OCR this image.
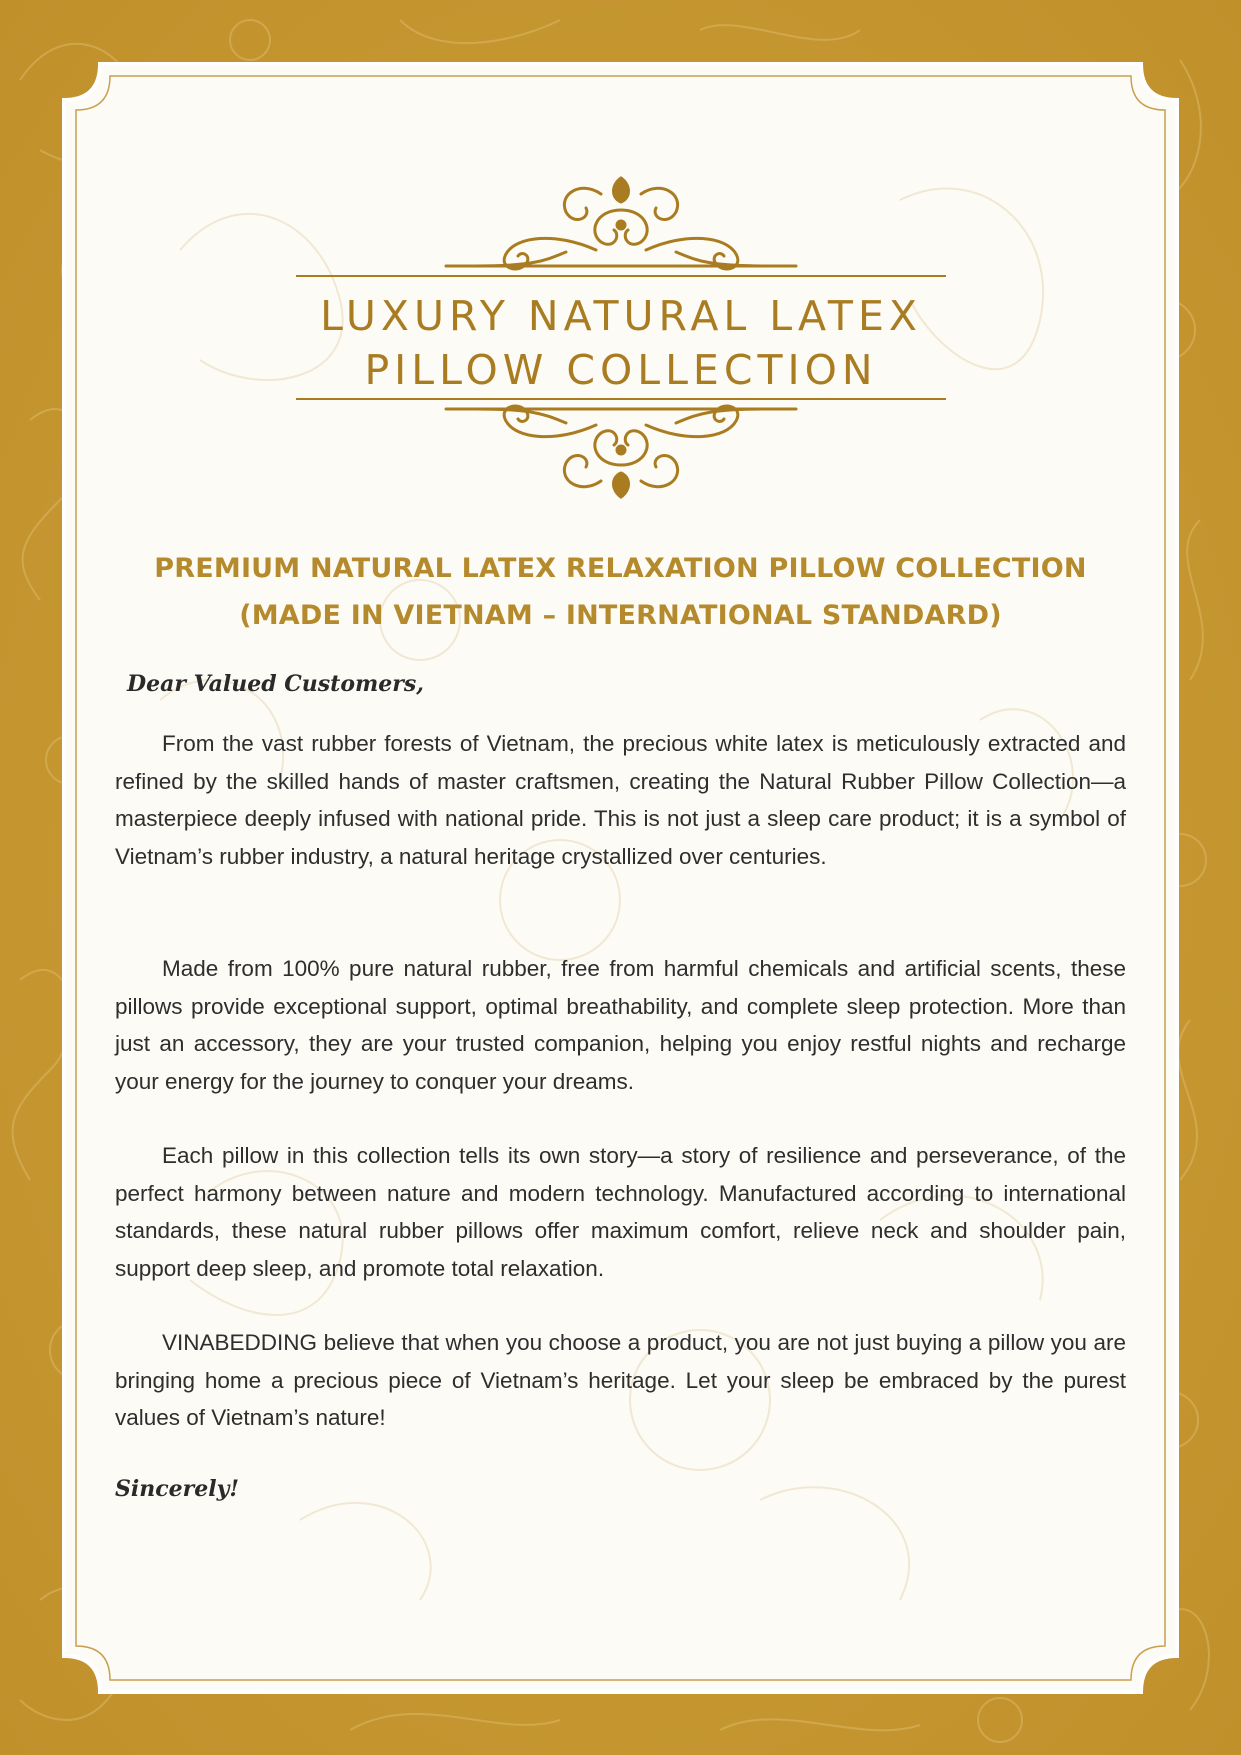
LUXURY NATURAL LATEX
PILLOW COLLECTION
PREMIUM NATURAL LATEX RELAXATION PILLOW COLLECTION
(MADE IN VIETNAM – INTERNATIONAL STANDARD)
Dear Valued Customers,

From the vast rubber forests of Vietnam, the precious white latex is meticulously extracted and refined by the skilled hands of master craftsmen, creating the Natural Rubber Pillow Collection—a masterpiece deeply infused with national pride. This is not just a sleep care product; it is a symbol of Vietnam’s rubber industry, a natural heritage crystallized over centuries.

Made from 100% pure natural rubber, free from harmful chemicals and artificial scents, these pillows provide exceptional support, optimal breathability, and complete sleep protection. More than just an accessory, they are your trusted companion, helping you enjoy restful nights and recharge your energy for the journey to conquer your dreams.

Each pillow in this collection tells its own story—a story of resilience and perseverance, of the perfect harmony between nature and modern technology. Manufactured according to international standards, these natural rubber pillows offer maximum comfort, relieve neck and shoulder pain, support deep sleep, and promote total relaxation.

VINABEDDING believe that when you choose a product, you are not just buying a pillow you are bringing home a precious piece of Vietnam’s heritage. Let your sleep be embraced by the purest values of Vietnam’s nature!

Sincerely!
